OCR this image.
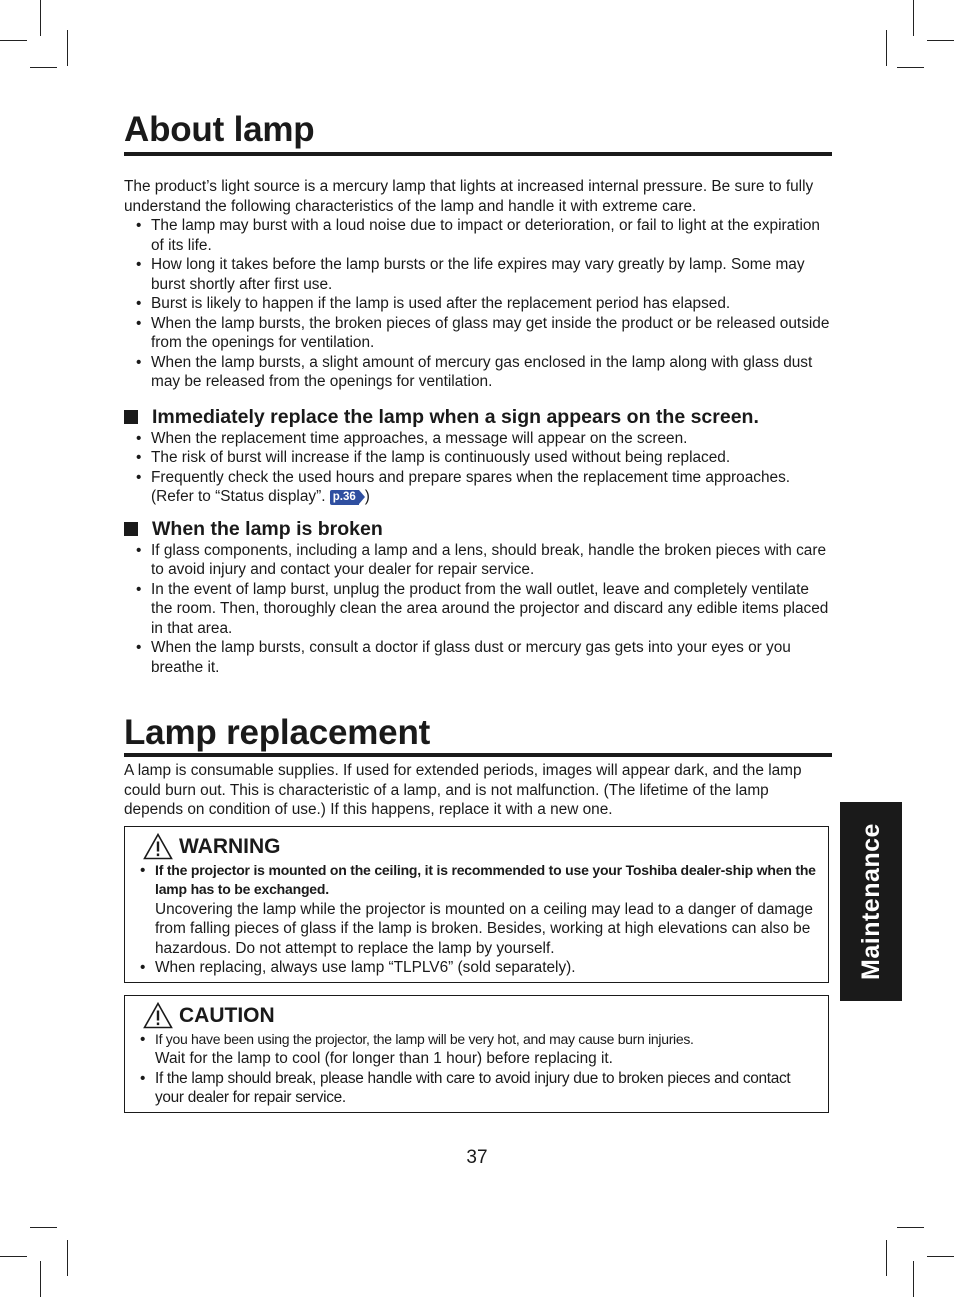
About lamp

The product’s light source is a mercury lamp that lights at increased internal pressure. Be sure to fully understand the following characteristics of the lamp and handle it with extreme care.

• The lamp may burst with a loud noise due to impact or deterioration, or fail to light at the expiration of its life.
• How long it takes before the lamp bursts or the life expires may vary greatly by lamp. Some may burst shortly after first use.
• Burst is likely to happen if the lamp is used after the replacement period has elapsed.
• When the lamp bursts, the broken pieces of glass may get inside the product or be released outside from the openings for ventilation.
• When the lamp bursts, a slight amount of mercury gas enclosed in the lamp along with glass dust may be released from the openings for ventilation.
Immediately replace the lamp when a sign appears on the screen.
• When the replacement time approaches, a message will appear on the screen.
• The risk of burst will increase if the lamp is continuously used without being replaced.
• Frequently check the used hours and prepare spares when the replacement time approaches. (Refer to “Status display”. p.36 )
When the lamp is broken
• If glass components, including a lamp and a lens, should break, handle the broken pieces with care to avoid injury and contact your dealer for repair service.
• In the event of lamp burst, unplug the product from the wall outlet, leave and completely ventilate the room. Then, thoroughly clean the area around the projector and discard any edible items placed in that area.
• When the lamp bursts, consult a doctor if glass dust or mercury gas gets into your eyes or you breathe it.
Lamp replacement

A lamp is consumable supplies. If used for extended periods, images will appear dark, and the lamp could burn out. This is characteristic of a lamp, and is not malfunction. (The lifetime of the lamp depends on condition of use.) If this happens, replace it with a new one.

WARNING
• If the projector is mounted on the ceiling, it is recommended to use your Toshiba dealer-ship when the lamp has to be exchanged.
Uncovering the lamp while the projector is mounted on a ceiling may lead to a danger of damage from falling pieces of glass if the lamp is broken. Besides, working at high elevations can also be hazardous. Do not attempt to replace the lamp by yourself.
• When replacing, always use lamp “TLPLV6” (sold separately).
CAUTION
• If you have been using the projector, the lamp will be very hot, and may cause burn injuries.
Wait for the lamp to cool (for longer than 1 hour) before replacing it.
• If the lamp should break, please handle with care to avoid injury due to broken pieces and contact your dealer for repair service.
Maintenance
37
